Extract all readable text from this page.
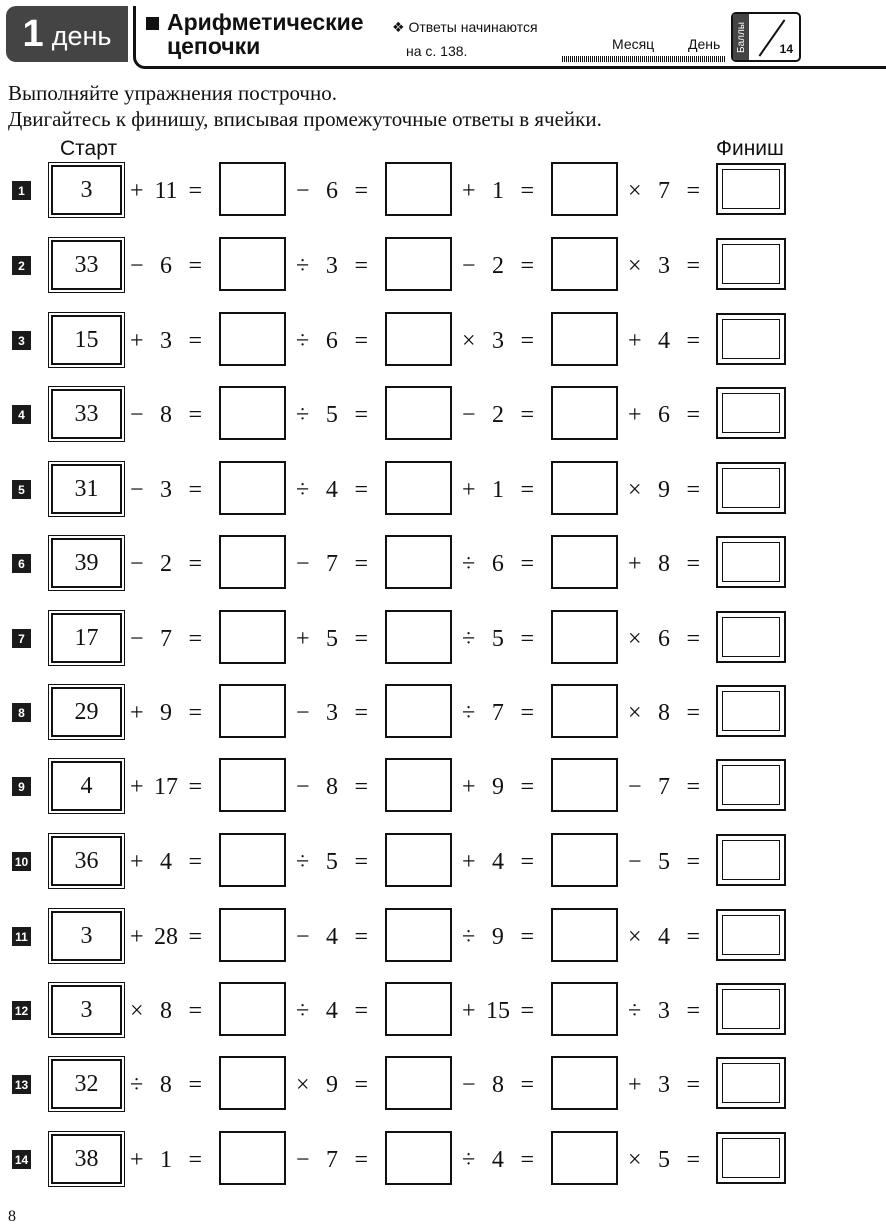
1 день Арифметические
цепочки
❖ Ответы начинаются
на с. 138.	Месяц День Баллы	14
Выполняйте упражнения построчно.
Двигайтесь к финишу, вписывая промежуточные ответы в ячейки.
Старт	Финиш
1	3	+ 11 =	− 6 =	+ 1 =	× 7 =
2	33	− 6 =	÷ 3 =	− 2 =	× 3 =
3	15	+ 3 =	÷ 6 =	× 3 =	+ 4 =
4	33	− 8 =	÷ 5 =	− 2 =	+ 6 =
5	31	− 3 =	÷ 4 =	+ 1 =	× 9 =
6	39	− 2 =	− 7 =	÷ 6 =	+ 8 =
7	17	− 7 =	+ 5 =	÷ 5 =	× 6 =
8	29	+ 9 =	− 3 =	÷ 7 =	× 8 =
9	4	+ 17 =	− 8 =	+ 9 =	− 7 =
10	36	+ 4 =	÷ 5 =	+ 4 =	− 5 =
11	3	+ 28 =	− 4 =	÷ 9 =	× 4 =
12	3	× 8 =	÷ 4 =	+ 15 =	÷ 3 =
13	32	÷ 8 =	× 9 =	− 8 =	+ 3 =
14	38	+ 1 =	− 7 =	÷ 4 =	× 5 =
8
